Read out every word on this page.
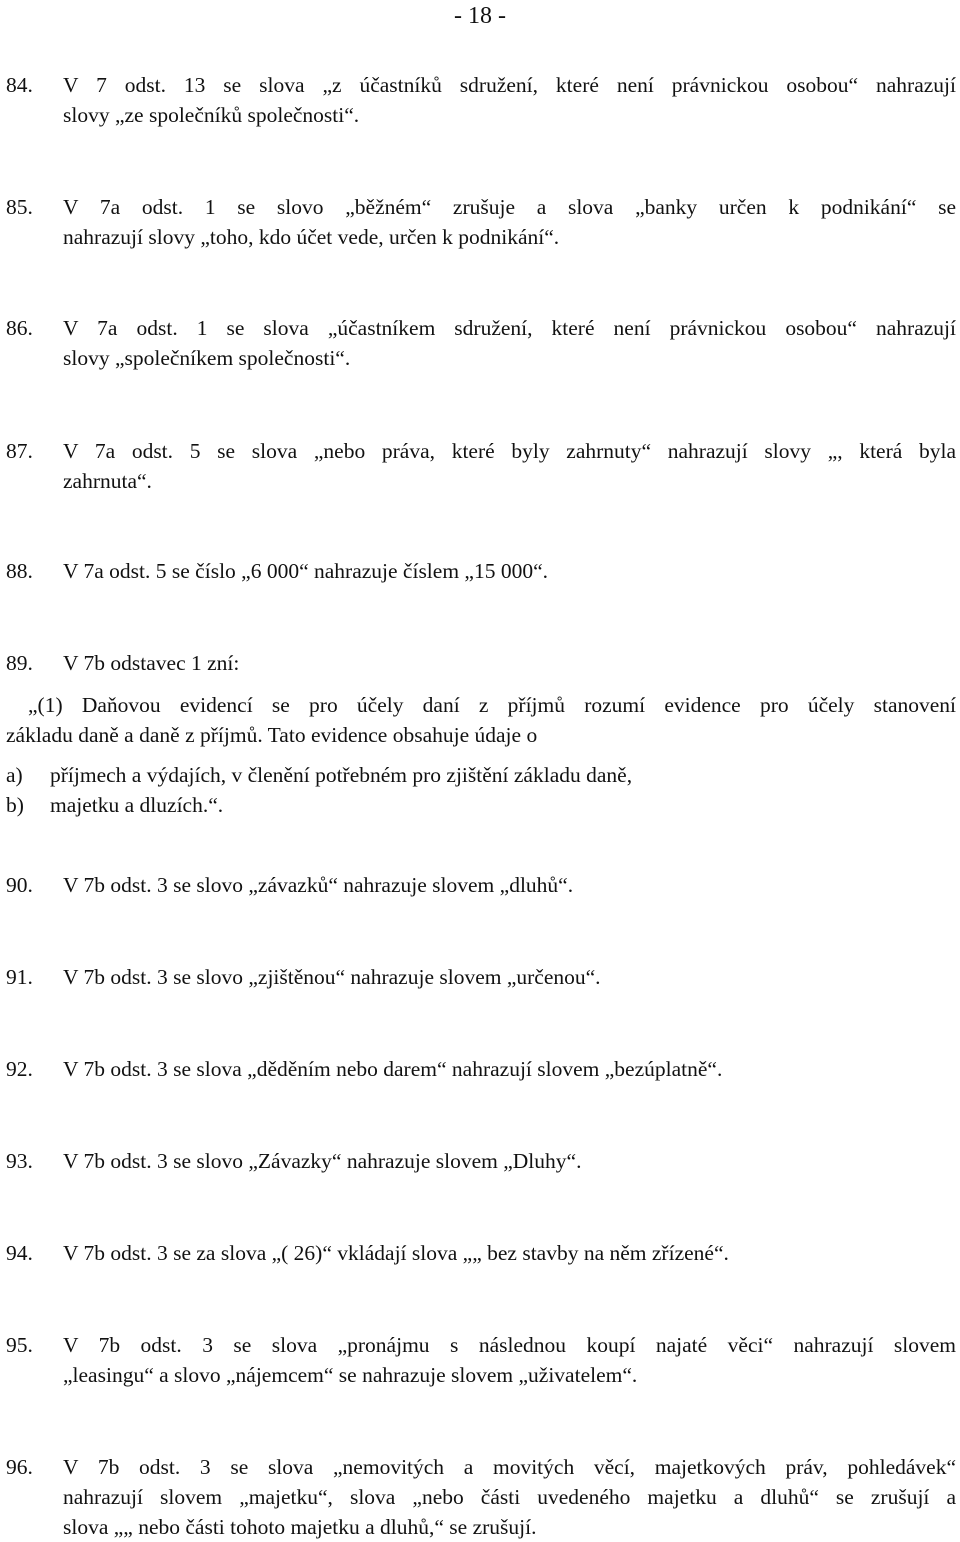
- 18 -
84. V 7 odst. 13 se slova „z účastníků sdružení, které není právnickou osobou“ nahrazují
slovy „ze společníků společnosti“.
85. V 7a odst. 1 se slovo „běžném“ zrušuje a slova „banky určen k podnikání“ se
nahrazují slovy „toho, kdo účet vede, určen k podnikání“.
86. V 7a odst. 1 se slova „účastníkem sdružení, které není právnickou osobou“ nahrazují
slovy „společníkem společnosti“.
87. V 7a odst. 5 se slova „nebo práva, které byly zahrnuty“ nahrazují slovy „, která byla
zahrnuta“.
88. V 7a odst. 5 se číslo „6 000“ nahrazuje číslem „15 000“.
89. V 7b odstavec 1 zní:
„(1) Daňovou evidencí se pro účely daní z příjmů rozumí evidence pro účely stanovení
základu daně a daně z příjmů. Tato evidence obsahuje údaje o
a) příjmech a výdajích, v členění potřebném pro zjištění základu daně,
b) majetku a dluzích.“.
90. V 7b odst. 3 se slovo „závazků“ nahrazuje slovem „dluhů“.
91. V 7b odst. 3 se slovo „zjištěnou“ nahrazuje slovem „určenou“.
92. V 7b odst. 3 se slova „děděním nebo darem“ nahrazují slovem „bezúplatně“.
93. V 7b odst. 3 se slovo „Závazky“ nahrazuje slovem „Dluhy“.
94. V 7b odst. 3 se za slova „( 26)“ vkládají slova „„ bez stavby na něm zřízené“.
95. V 7b odst. 3 se slova „pronájmu s následnou koupí najaté věci“ nahrazují slovem
„leasingu“ a slovo „nájemcem“ se nahrazuje slovem „uživatelem“.
96. V 7b odst. 3 se slova „nemovitých a movitých věcí, majetkových práv, pohledávek“
nahrazují slovem „majetku“, slova „nebo části uvedeného majetku a dluhů“ se zrušují a
slova „„ nebo části tohoto majetku a dluhů,“ se zrušují.
